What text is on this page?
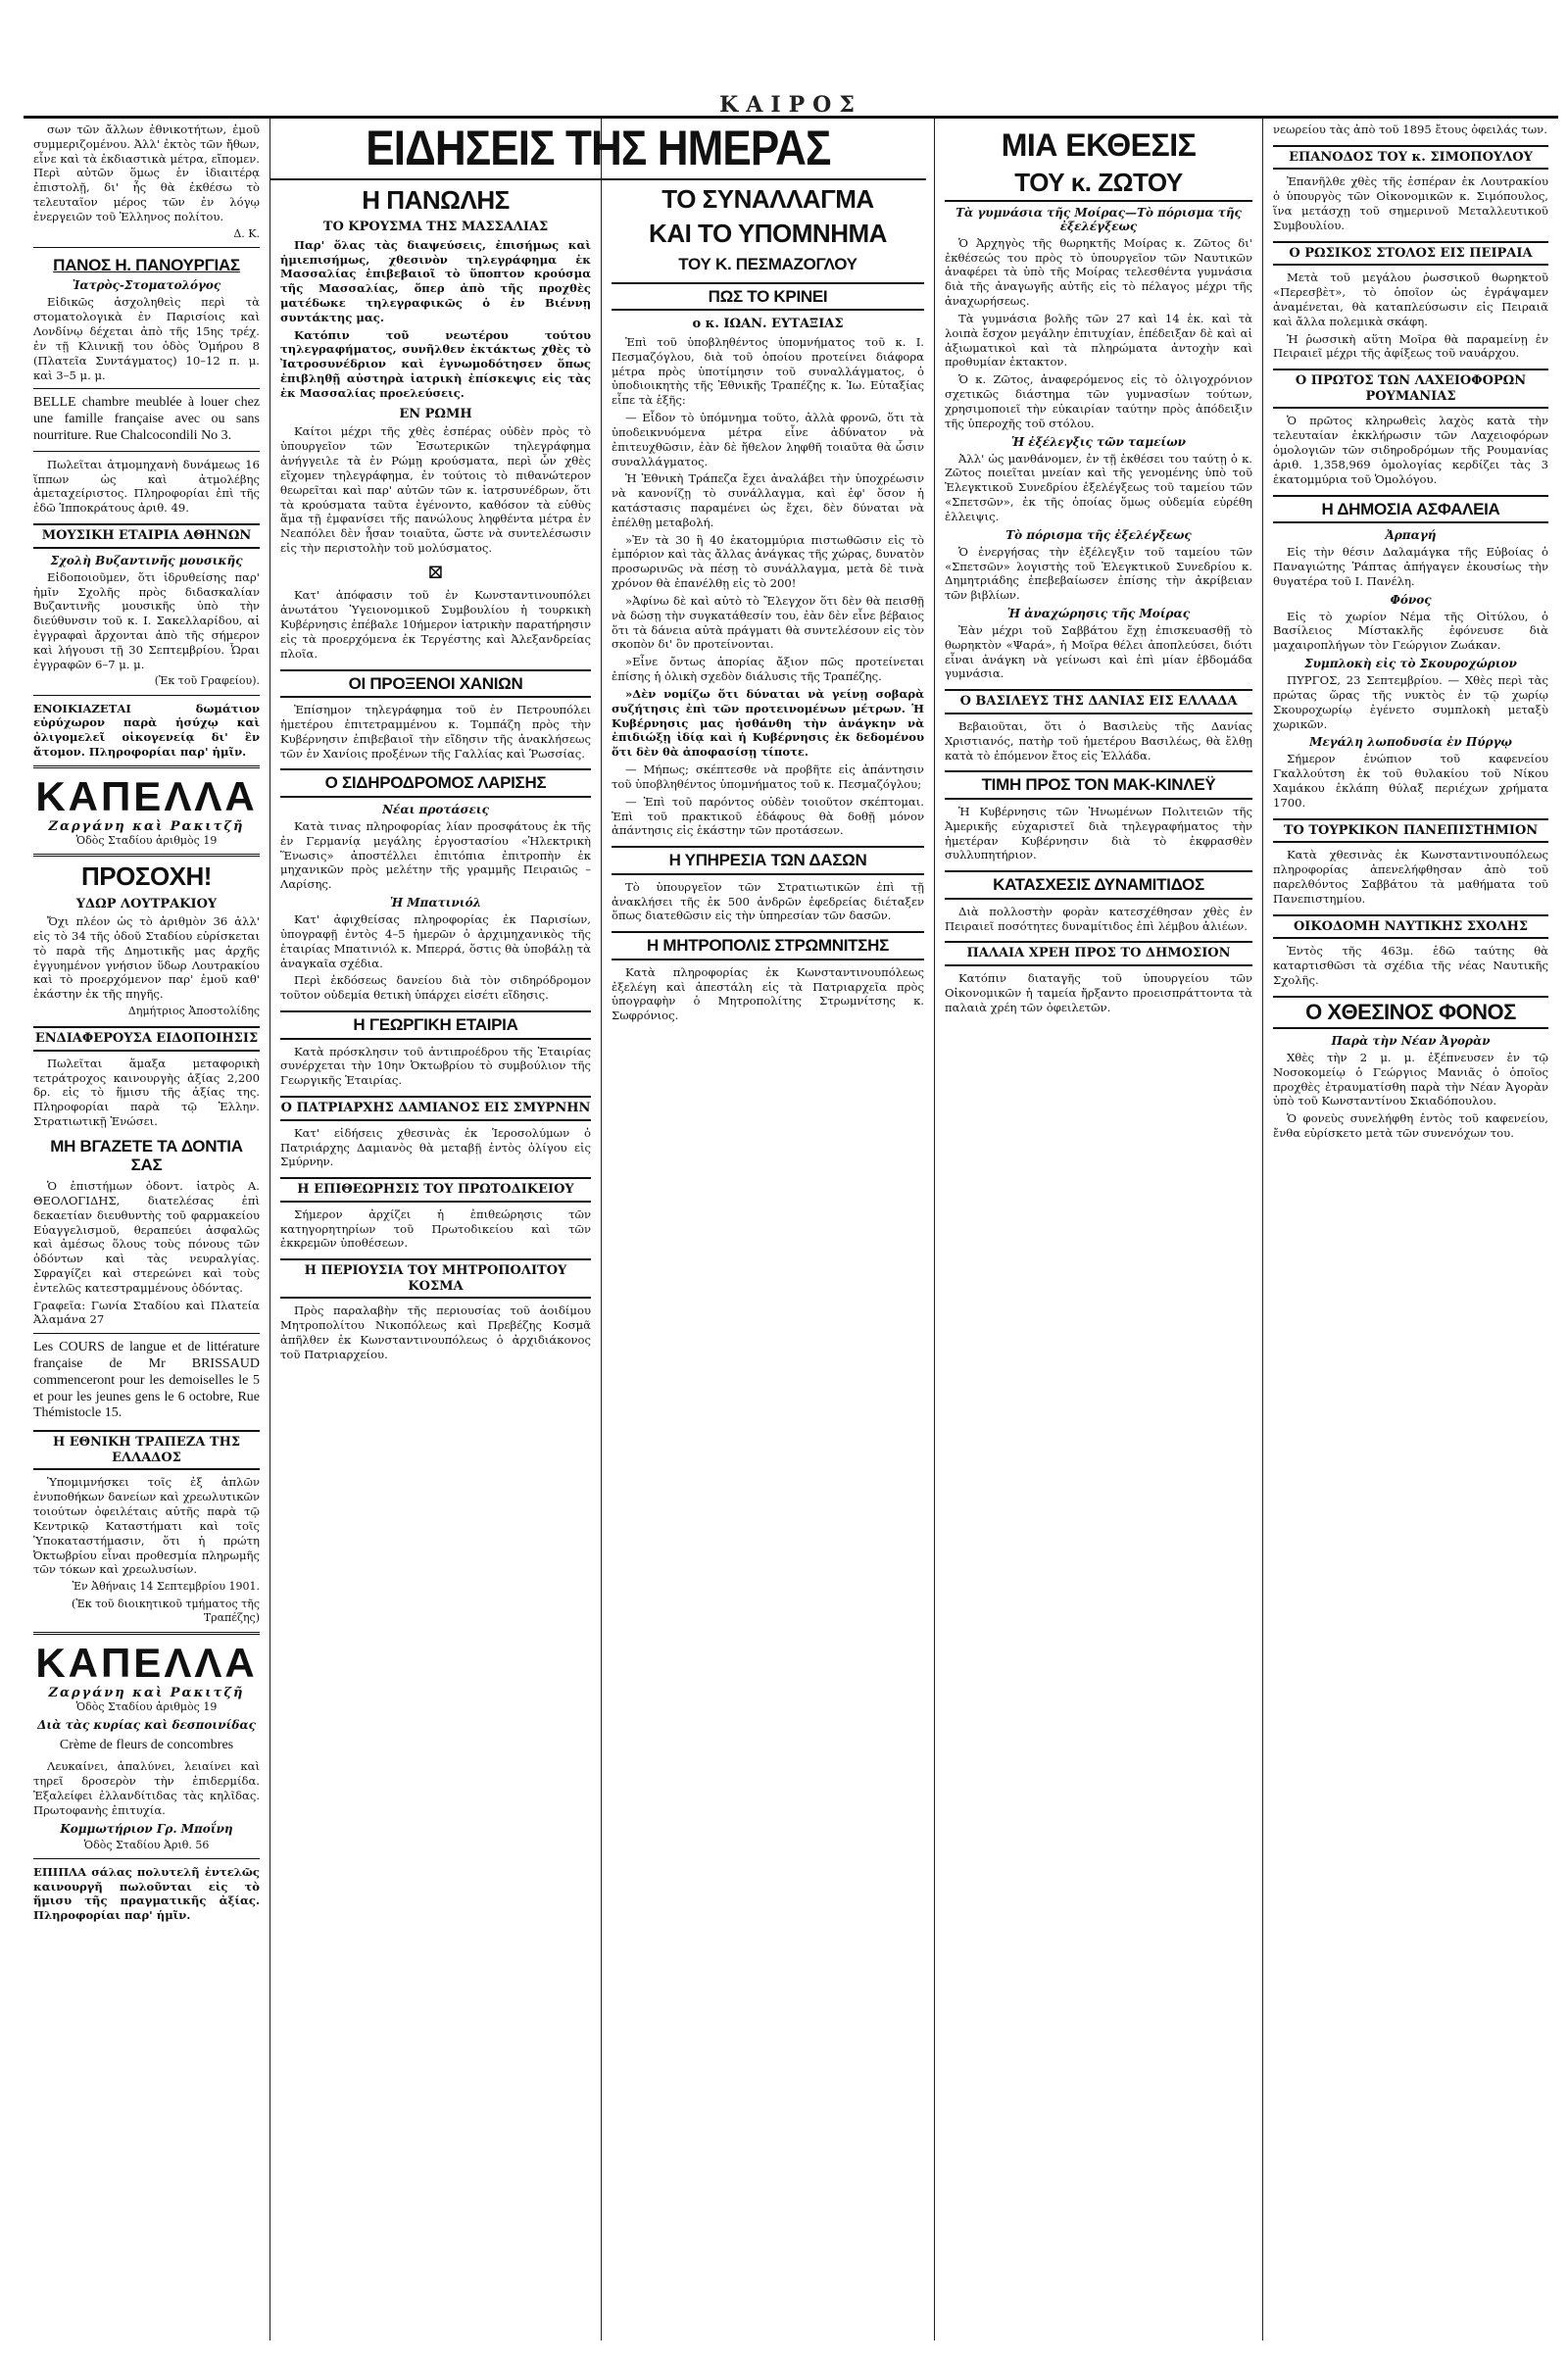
ΚΑΙΡΟΣ

σων τῶν ἄλλων ἐθνικοτήτων, ἐμοῦ συμμεριζομένου. Ἀλλ' ἐκτὸς τῶν ἤθων, εἶνε καὶ τὰ ἐκδιαστικὰ μέτρα, εἴπομεν. Περὶ αὐτῶν ὅμως ἐν ἰδιαιτέρᾳ ἐπιστολῇ, δι' ἧς θὰ ἐκθέσω τὸ τελευταῖον μέρος τῶν ἐν λόγῳ ἐνεργειῶν τοῦ Ἑλληνος πολίτου.

Δ. Κ.
ΠΑΝΟΣ Η. ΠΑΝΟΥΡΓΙΑΣ
Ἰατρὸς-Στοματολόγος

Εἰδικῶς ἀσχοληθεὶς περὶ τὰ στοματολογικὰ ἐν Παρισίοις καὶ Λονδίνῳ δέχεται ἀπὸ τῆς 15ης τρέχ. ἐν τῇ Κλινικῇ του ὁδὸς Ὁμήρου 8 (Πλατεῖα Συντάγματος) 10–12 π. μ. καὶ 3–5 μ. μ.

BELLE chambre meublée à louer chez une famille française avec ou sans nourriture. Rue Chalcocondili No 3.

Πωλεῖται ἀτμομηχανὴ δυνάμεως 16 ἵππων ὡς καὶ ἀτμολέβης ἀμεταχείριστος. Πληροφορίαι ἐπὶ τῆς ἐδῶ Ἱπποκράτους ἀριθ. 49.

ΜΟΥΣΙΚΗ ΕΤΑΙΡΙΑ ΑΘΗΝΩΝ
Σχολὴ Βυζαντινῆς μουσικῆς

Εἰδοποιοῦμεν, ὅτι ἱδρυθείσης παρ' ἡμῖν Σχολῆς πρὸς διδασκαλίαν Βυζαντινῆς μουσικῆς ὑπὸ τὴν διεύθυνσιν τοῦ κ. Ι. Σακελλαρίδου, αἱ ἐγγραφαὶ ἄρχονται ἀπὸ τῆς σήμερον καὶ λήγουσι τῇ 30 Σεπτεμβρίου. Ὧραι ἐγγραφῶν 6–7 μ. μ.

(Ἐκ τοῦ Γραφείου).

ΕΝΟΙΚΙΑΖΕΤΑΙ δωμάτιον εὐρύχωρον παρὰ ἡσύχῳ καὶ ὀλιγομελεῖ οἰκογενείᾳ δι' ἓν ἄτομον. Πληροφορίαι παρ' ἡμῖν.

ΚΑΠΕΛΛΑ
Ζαργάνη καὶ Ρακιτζῆ
Ὁδὸς Σταδίου ἀριθμὸς 19
ΠΡΟΣΟΧΗ!
ΥΔΩΡ ΛΟΥΤΡΑΚΙΟΥ

Ὄχι πλέον ὡς τὸ ἀριθμὸν 36 ἀλλ' εἰς τὸ 34 τῆς ὁδοῦ Σταδίου εὑρίσκεται τὸ παρὰ τῆς Δημοτικῆς μας ἀρχῆς ἐγγυημένον γνήσιον ὕδωρ Λουτρακίου καὶ τὸ προερχόμενον παρ' ἐμοῦ καθ' ἑκάστην ἐκ τῆς πηγῆς.

Δημήτριος Ἀποστολίδης
ΕΝΔΙΑΦΕΡΟΥΣΑ ΕΙΔΟΠΟΙΗΣΙΣ

Πωλεῖται ἅμαξα μεταφορικὴ τετράτροχος καινουργὴς ἀξίας 2,200 δρ. εἰς τὸ ἥμισυ τῆς ἀξίας της. Πληροφορίαι παρὰ τῷ Ἑλλην. Στρατιωτικῇ Ἑνώσει.

ΜΗ ΒΓΑΖΕΤΕ ΤΑ ΔΟΝΤΙΑ ΣΑΣ

Ὁ ἐπιστήμων ὀδοντ. ἰατρὸς Α. ΘΕΟΛΟΓΙΔΗΣ, διατελέσας ἐπὶ δεκαετίαν διευθυντὴς τοῦ φαρμακείου Εὐαγγελισμοῦ, θεραπεύει ἀσφαλῶς καὶ ἀμέσως ὅλους τοὺς πόνους τῶν ὀδόντων καὶ τὰς νευραλγίας. Σφραγίζει καὶ στερεώνει καὶ τοὺς ἐντελῶς κατεστραμμένους ὀδόντας.

Γραφεῖα: Γωνία Σταδίου καὶ Πλατεία Ἀλαμάνα 27

Les COURS de langue et de littérature française de Mr BRISSAUD commenceront pour les demoiselles le 5 et pour les jeunes gens le 6 octobre, Rue Thémistocle 15.
Η ΕΘΝΙΚΗ ΤΡΑΠΕΖΑ ΤΗΣ ΕΛΛΑΔΟΣ

Ὑπομιμνήσκει τοῖς ἐξ ἀπλῶν ἐνυποθήκων δανείων καὶ χρεωλυτικῶν τοιούτων ὀφειλέταις αὐτῆς παρὰ τῷ Κεντρικῷ Καταστήματι καὶ τοῖς Ὑποκαταστήμασιν, ὅτι ἡ πρώτη Ὀκτωβρίου εἶναι προθεσμία πληρωμῆς τῶν τόκων καὶ χρεωλυσίων.

Ἐν Ἀθήναις 14 Σεπτεμβρίου 1901.
(Ἐκ τοῦ διοικητικοῦ τμήματος τῆς Τραπέζης)
ΚΑΠΕΛΛΑ
Ζαργάνη καὶ Ρακιτζῆ
Ὁδὸς Σταδίου ἀριθμὸς 19
Διὰ τὰς κυρίας καὶ δεσποινίδας
Crème de fleurs de concombres

Λευκαίνει, ἁπαλύνει, λειαίνει καὶ τηρεῖ δροσερὸν τὴν ἐπιδερμίδα. Ἐξαλείφει ἐλλανδίτιδας τὰς κηλῖδας. Πρωτοφανὴς ἐπιτυχία.

Κομμωτήριον Γρ. Μποΐνη
Ὁδὸς Σταδίου Ἀριθ. 56

ΕΠΙΠΛΑ σάλας πολυτελῆ ἐντελῶς καινουργῆ πωλοῦνται εἰς τὸ ἥμισυ τῆς πραγματικῆς ἀξίας. Πληροφορίαι παρ' ἡμῖν.

ΕΙΔΗΣΕΙΣ ΤΗΣ ΗΜΕΡΑΣ
Η ΠΑΝΩΛΗΣ
ΤΟ ΚΡΟΥΣΜΑ ΤΗΣ ΜΑΣΣΑΛΙΑΣ

Παρ' ὅλας τὰς διαψεύσεις, ἐπισήμως καὶ ἡμιεπισήμως, χθεσινὸν τηλεγράφημα ἐκ Μασσαλίας ἐπιβεβαιοῖ τὸ ὕποπτον κρούσμα τῆς Μασσαλίας, ὅπερ ἀπὸ τῆς προχθὲς ματέδωκε τηλεγραφικῶς ὁ ἐν Βιέννῃ συντάκτης μας.

Κατόπιν τοῦ νεωτέρου τούτου τηλεγραφήματος, συνῆλθεν ἐκτάκτως χθὲς τὸ Ἰατροσυνέδριον καὶ ἐγνωμοδότησεν ὅπως ἐπιβληθῇ αὐστηρὰ ἰατρικὴ ἐπίσκεψις εἰς τὰς ἐκ Μασσαλίας προελεύσεις.

ΕΝ ΡΩΜΗ

Καίτοι μέχρι τῆς χθὲς ἑσπέρας οὐδὲν πρὸς τὸ ὑπουργεῖον τῶν Ἐσωτερικῶν τηλεγράφημα ἀνήγγειλε τὰ ἐν Ρώμῃ κρούσματα, περὶ ὧν χθὲς εἴχομεν τηλεγράφημα, ἐν τούτοις τὸ πιθανώτερον θεωρεῖται καὶ παρ' αὐτῶν τῶν κ. ἰατρσυνέδρων, ὅτι τὰ κρούσματα ταῦτα ἐγένοντο, καθόσον τὰ εὐθὺς ἅμα τῇ ἐμφανίσει τῆς πανώλους ληφθέντα μέτρα ἐν Νεαπόλει δὲν ἦσαν τοιαῦτα, ὥστε νὰ συντελέσωσιν εἰς τὴν περιστολὴν τοῦ μολύσματος.

⊠

Κατ' ἀπόφασιν τοῦ ἐν Κωνσταντινουπόλει ἀνωτάτου Ὑγειονομικοῦ Συμβουλίου ἡ τουρκικὴ Κυβέρνησις ἐπέβαλε 10ήμερον ἰατρικὴν παρατήρησιν εἰς τὰ προερχόμενα ἐκ Τεργέστης καὶ Ἀλεξανδρείας πλοῖα.

ΟΙ ΠΡΟΞΕΝΟΙ ΧΑΝΙΩΝ

Ἐπίσημον τηλεγράφημα τοῦ ἐν Πετρουπόλει ἡμετέρου ἐπιτετραμμένου κ. Τομπάζη πρὸς τὴν Κυβέρνησιν ἐπιβεβαιοῖ τὴν εἴδησιν τῆς ἀνακλήσεως τῶν ἐν Χανίοις προξένων τῆς Γαλλίας καὶ Ῥωσσίας.

Ο ΣΙΔΗΡΟΔΡΟΜΟΣ ΛΑΡΙΣΗΣ
Νέαι προτάσεις

Κατὰ τινας πληροφορίας λίαν προσφάτους ἐκ τῆς ἐν Γερμανίᾳ μεγάλης ἐργοστασίου «Ἡλεκτρικὴ Ἕνωσις» ἀποστέλλει ἐπιτόπια ἐπιτροπὴν ἐκ μηχανικῶν πρὸς μελέτην τῆς γραμμῆς Πειραιῶς – Λαρίσης.

Ἡ Μπατινιόλ

Κατ' ἀφιχθείσας πληροφορίας ἐκ Παρισίων, ὑπογραφῇ ἐντὸς 4–5 ἡμερῶν ὁ ἀρχιμηχανικὸς τῆς ἑταιρίας Μπατινιόλ κ. Μπερρά, ὅστις θὰ ὑποβάλῃ τὰ ἀναγκαῖα σχέδια.

Περὶ ἐκδόσεως δανείου διὰ τὸν σιδηρόδρομον τοῦτον οὐδεμία θετικὴ ὑπάρχει εἰσέτι εἴδησις.

Η ΓΕΩΡΓΙΚΗ ΕΤΑΙΡΙΑ

Κατὰ πρόσκλησιν τοῦ ἀντιπροέδρου τῆς Ἑταιρίας συνέρχεται τὴν 10ην Ὀκτωβρίου τὸ συμβούλιον τῆς Γεωργικῆς Ἑταιρίας.

Ο ΠΑΤΡΙΑΡΧΗΣ ΔΑΜΙΑΝΟΣ ΕΙΣ ΣΜΥΡΝΗΝ

Κατ' εἰδήσεις χθεσινὰς ἐκ Ἱεροσολύμων ὁ Πατριάρχης Δαμιανὸς θὰ μεταβῇ ἐντὸς ὀλίγου εἰς Σμύρνην.

Η ΕΠΙΘΕΩΡΗΣΙΣ ΤΟΥ ΠΡΩΤΟΔΙΚΕΙΟΥ

Σήμερον ἀρχίζει ἡ ἐπιθεώρησις τῶν κατηγορητηρίων τοῦ Πρωτοδικείου καὶ τῶν ἐκκρεμῶν ὑποθέσεων.

Η ΠΕΡΙΟΥΣΙΑ ΤΟΥ ΜΗΤΡΟΠΟΛΙΤΟΥ ΚΟΣΜΑ

Πρὸς παραλαβὴν τῆς περιουσίας τοῦ ἀοιδίμου Μητροπολίτου Νικοπόλεως καὶ Πρεβέζης Κοσμᾶ ἀπῆλθεν ἐκ Κωνσταντινουπόλεως ὁ ἀρχιδιάκονος τοῦ Πατριαρχείου.

ΤΟ ΣΥΝΑΛΛΑΓΜΑ
ΚΑΙ ΤΟ ΥΠΟΜΝΗΜΑ
ΤΟΥ Κ. ΠΕΣΜΑΖΟΓΛΟΥ
ΠΩΣ ΤΟ ΚΡΙΝΕΙ
ο κ. ΙΩΑΝ. ΕΥΤΑΞΙΑΣ

Ἐπὶ τοῦ ὑποβληθέντος ὑπομνήματος τοῦ κ. Ι. Πεσμαζόγλου, διὰ τοῦ ὁποίου προτείνει διάφορα μέτρα πρὸς ὑποτίμησιν τοῦ συναλλάγματος, ὁ ὑποδιοικητὴς τῆς Ἐθνικῆς Τραπέζης κ. Ἰω. Εὐταξίας εἶπε τὰ ἑξῆς:

— Εἶδον τὸ ὑπόμνημα τοῦτο, ἀλλὰ φρονῶ, ὅτι τὰ ὑποδεικνυόμενα μέτρα εἶνε ἀδύνατον νὰ ἐπιτευχθῶσιν, ἐὰν δὲ ἤθελον ληφθῆ τοιαῦτα θὰ ὦσιν συναλλάγματος.

Ἡ Ἐθνικὴ Τράπεζα ἔχει ἀναλάβει τὴν ὑποχρέωσιν νὰ κανονίζῃ τὸ συνάλλαγμα, καὶ ἐφ' ὅσον ἡ κατάστασις παραμένει ὡς ἔχει, δὲν δύναται νὰ ἐπέλθῃ μεταβολή.

»Ἐν τὰ 30 ἢ 40 ἑκατομμύρια πιστωθῶσιν εἰς τὸ ἐμπόριον καὶ τὰς ἄλλας ἀνάγκας τῆς χώρας, δυνατὸν προσωρινῶς νὰ πέσῃ τὸ συνάλλαγμα, μετὰ δὲ τινὰ χρόνον θὰ ἐπανέλθῃ εἰς τὸ 200!

»Ἀφίνω δὲ καὶ αὐτὸ τὸ Ἔλεγχον ὅτι δὲν θὰ πεισθῇ νὰ δώσῃ τὴν συγκατάθεσίν του, ἐὰν δὲν εἶνε βέβαιος ὅτι τὰ δάνεια αὐτὰ πράγματι θὰ συντελέσουν εἰς τὸν σκοπὸν δι' ὃν προτείνονται.

»Εἶνε ὄντως ἀπορίας ἄξιον πῶς προτείνεται ἐπίσης ἡ ὁλικὴ σχεδὸν διάλυσις τῆς Τραπέζης.

»Δὲν νομίζω ὅτι δύναται νὰ γείνῃ σοβαρὰ συζήτησις ἐπὶ τῶν προτεινομένων μέτρων. Ἡ Κυβέρνησις μας ἠσθάνθη τὴν ἀνάγκην νὰ ἐπιδιώξῃ ἰδίᾳ καὶ ἡ Κυβέρνησις ἐκ δεδομένου ὅτι δὲν θὰ ἀποφασίσῃ τίποτε.

— Μήπως; σκέπτεσθε νὰ προβῆτε εἰς ἀπάντησιν τοῦ ὑποβληθέντος ὑπομνήματος τοῦ κ. Πεσμαζόγλου;

— Ἐπὶ τοῦ παρόντος οὐδὲν τοιοῦτον σκέπτομαι. Ἐπὶ τοῦ πρακτικοῦ ἐδάφους θὰ δοθῇ μόνον ἀπάντησις εἰς ἑκάστην τῶν προτάσεων.

Η ΥΠΗΡΕΣΙΑ ΤΩΝ ΔΑΣΩΝ

Τὸ ὑπουργεῖον τῶν Στρατιωτικῶν ἐπὶ τῇ ἀνακλήσει τῆς ἐκ 500 ἀνδρῶν ἐφεδρείας διέταξεν ὅπως διατεθῶσιν εἰς τὴν ὑπηρεσίαν τῶν δασῶν.

Η ΜΗΤΡΟΠΟΛΙΣ ΣΤΡΩΜΝΙΤΣΗΣ

Κατὰ πληροφορίας ἐκ Κωνσταντινουπόλεως ἐξελέγη καὶ ἀπεστάλη εἰς τὰ Πατριαρχεῖα πρὸς ὑπογραφὴν ὁ Μητροπολίτης Στρωμνίτσης κ. Σωφρόνιος.

ΜΙΑ ΕΚΘΕΣΙΣ
ΤΟΥ κ. ΖΩΤΟΥ
Τὰ γυμνάσια τῆς Μοίρας—Τὸ πόρισμα τῆς ἐξελέγξεως

Ὁ Ἀρχηγὸς τῆς θωρηκτῆς Μοίρας κ. Ζῶτος δι' ἐκθέσεώς του πρὸς τὸ ὑπουργεῖον τῶν Ναυτικῶν ἀναφέρει τὰ ὑπὸ τῆς Μοίρας τελεσθέντα γυμνάσια διὰ τῆς ἀναγωγῆς αὐτῆς εἰς τὸ πέλαγος μέχρι τῆς ἀναχωρήσεως.

Τὰ γυμνάσια βολῆς τῶν 27 καὶ 14 ἑκ. καὶ τὰ λοιπὰ ἔσχον μεγάλην ἐπιτυχίαν, ἐπέδειξαν δὲ καὶ αἱ ἀξιωματικοὶ καὶ τὰ πληρώματα ἀντοχὴν καὶ προθυμίαν ἐκτακτον.

Ὁ κ. Ζῶτος, ἀναφερόμενος εἰς τὸ ὀλιγοχρόνιον σχετικῶς διάστημα τῶν γυμνασίων τούτων, χρησιμοποιεῖ τὴν εὐκαιρίαν ταύτην πρὸς ἀπόδειξιν τῆς ὑπεροχῆς τοῦ στόλου.

Ἡ ἐξέλεγξις τῶν ταμείων

Ἀλλ' ὡς μανθάνομεν, ἐν τῇ ἐκθέσει του ταύτῃ ὁ κ. Ζῶτος ποιεῖται μνείαν καὶ τῆς γενομένης ὑπὸ τοῦ Ἐλεγκτικοῦ Συνεδρίου ἐξελέγξεως τοῦ ταμείου τῶν «Σπετσῶν», ἐκ τῆς ὁποίας ὅμως οὐδεμία εὑρέθη ἐλλειψις.

Τὸ πόρισμα τῆς ἐξελέγξεως

Ὁ ἐνεργήσας τὴν ἐξέλεγξιν τοῦ ταμείου τῶν «Σπετσῶν» λογιστὴς τοῦ Ἐλεγκτικοῦ Συνεδρίου κ. Δημητριάδης ἐπεβεβαίωσεν ἐπίσης τὴν ἀκρίβειαν τῶν βιβλίων.

Ἡ ἀναχώρησις τῆς Μοίρας

Ἐὰν μέχρι τοῦ Σαββάτου ἔχῃ ἐπισκευασθῇ τὸ θωρηκτὸν «Ψαρά», ἡ Μοῖρα θέλει ἀποπλεύσει, διότι εἶναι ἀνάγκη νὰ γείνωσι καὶ ἐπὶ μίαν ἑβδομάδα γυμνάσια.

Ο ΒΑΣΙΛΕΥΣ ΤΗΣ ΔΑΝΙΑΣ ΕΙΣ ΕΛΛΑΔΑ

Βεβαιοῦται, ὅτι ὁ Βασιλεὺς τῆς Δανίας Χριστιανός, πατὴρ τοῦ ἡμετέρου Βασιλέως, θὰ ἔλθῃ κατὰ τὸ ἐπόμενον ἔτος εἰς Ἑλλάδα.

ΤΙΜΗ ΠΡΟΣ ΤΟΝ ΜΑΚ-ΚΙΝΛΕΫ

Ἡ Κυβέρνησις τῶν Ἡνωμένων Πολιτειῶν τῆς Ἀμερικῆς εὐχαριστεῖ διὰ τηλεγραφήματος τὴν ἡμετέραν Κυβέρνησιν διὰ τὸ ἐκφρασθὲν συλλυπητήριον.

ΚΑΤΑΣΧΕΣΙΣ ΔΥΝΑΜΙΤΙΔΟΣ

Διὰ πολλοστὴν φορὰν κατεσχέθησαν χθὲς ἐν Πειραιεῖ ποσότητες δυναμίτιδος ἐπὶ λέμβου ἁλιέων.

ΠΑΛΑΙΑ ΧΡΕΗ ΠΡΟΣ ΤΟ ΔΗΜΟΣΙΟΝ

Κατόπιν διαταγῆς τοῦ ὑπουργείου τῶν Οἰκονομικῶν ἡ ταμεία ἤρξαντο προεισπράττοντα τὰ παλαιὰ χρέη τῶν ὀφειλετῶν.

νεωρείου τὰς ἀπὸ τοῦ 1895 ἔτους ὀφειλάς των.

ΕΠΑΝΟΔΟΣ ΤΟΥ κ. ΣΙΜΟΠΟΥΛΟΥ

Ἐπανῆλθε χθὲς τῆς ἑσπέραν ἐκ Λουτρακίου ὁ ὑπουργὸς τῶν Οἰκονομικῶν κ. Σιμόπουλος, ἵνα μετάσχῃ τοῦ σημερινοῦ Μεταλλευτικοῦ Συμβουλίου.

Ο ΡΩΣΙΚΟΣ ΣΤΟΛΟΣ ΕΙΣ ΠΕΙΡΑΙΑ

Μετὰ τοῦ μεγάλου ῥωσσικοῦ θωρηκτοῦ «Περεσβὲτ», τὸ ὁποῖον ὡς ἐγράψαμεν ἀναμένεται, θὰ καταπλεύσωσιν εἰς Πειραιᾶ καὶ ἄλλα πολεμικὰ σκάφη.

Ἡ ῥωσσικὴ αὕτη Μοῖρα θὰ παραμείνῃ ἐν Πειραιεῖ μέχρι τῆς ἀφίξεως τοῦ ναυάρχου.

Ο ΠΡΩΤΟΣ ΤΩΝ ΛΑΧΕΙΟΦΟΡΩΝ ΡΟΥΜΑΝΙΑΣ

Ὁ πρῶτος κληρωθεὶς λαχὸς κατὰ τὴν τελευταίαν ἐκκλήρωσιν τῶν Λαχειοφόρων ὁμολογιῶν τῶν σιδηροδρόμων τῆς Ρουμανίας ἀριθ. 1,358,969 ὁμολογίας κερδίζει τὰς 3 ἑκατομμύρια τοῦ Ὁμολόγου.

Η ΔΗΜΟΣΙΑ ΑΣΦΑΛΕΙΑ
Ἀρπαγή

Εἰς τὴν θέσιν Δαλαμάγκα τῆς Εὐβοίας ὁ Παναγιώτης Ῥάπτας ἀπήγαγεν ἐκουσίως τὴν θυγατέρα τοῦ Ι. Πανέλη.

Φόνος

Εἰς τὸ χωρίον Νέμα τῆς Οἰτύλου, ὁ Βασίλειος Μίστακλῆς ἐφόνευσε διὰ μαχαιροπλήγων τὸν Γεώργιον Ζωάκαν.

Συμπλοκὴ εἰς τὸ Σκουροχώριον

ΠΥΡΓΟΣ, 23 Σεπτεμβρίου. — Χθὲς περὶ τὰς πρώτας ὥρας τῆς νυκτὸς ἐν τῷ χωρίῳ Σκουροχωρίῳ ἐγένετο συμπλοκὴ μεταξὺ χωρικῶν.

Μεγάλη λωποδυσία ἐν Πύργῳ

Σήμερον ἐνώπιον τοῦ καφενείου Γκαλλούτση ἐκ τοῦ θυλακίου τοῦ Νίκου Χαμάκου ἐκλάπη θύλαξ περιέχων χρήματα 1700.

ΤΟ ΤΟΥΡΚΙΚΟΝ ΠΑΝΕΠΙΣΤΗΜΙΟΝ

Κατὰ χθεσινὰς ἐκ Κωνσταντινουπόλεως πληροφορίας ἀπενελήφθησαν ἀπὸ τοῦ παρελθόντος Σαββάτου τὰ μαθήματα τοῦ Πανεπιστημίου.

ΟΙΚΟΔΟΜΗ ΝΑΥΤΙΚΗΣ ΣΧΟΛΗΣ

Ἐντὸς τῆς 463μ. ἑδῶ ταύτης θὰ καταρτισθῶσι τὰ σχέδια τῆς νέας Ναυτικῆς Σχολῆς.

Ο ΧΘΕΣΙΝΟΣ ΦΟΝΟΣ
Παρὰ τὴν Νέαν Ἀγορὰν

Χθὲς τὴν 2 μ. μ. ἐξέπνευσεν ἐν τῷ Νοσοκομείῳ ὁ Γεώργιος Μανιᾶς ὁ ὁποῖος προχθὲς ἐτραυματίσθη παρὰ τὴν Νέαν Ἀγορὰν ὑπὸ τοῦ Κωνσταντίνου Σκιαδόπουλου.

Ὁ φονεὺς συνελήφθη ἐντὸς τοῦ καφενείου, ἔνθα εὑρίσκετο μετὰ τῶν συνενόχων του.
